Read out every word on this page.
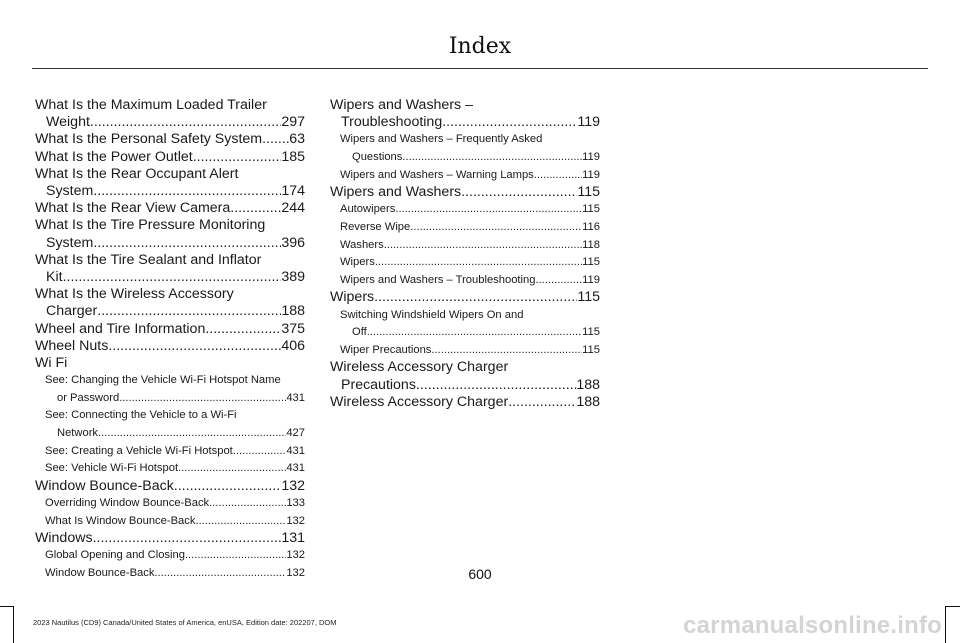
Index
What Is the Maximum Loaded Trailer
Weight .....	297
What Is the Personal Safety System ..... 63
What Is the Power Outlet .....	185
What Is the Rear Occupant Alert
System .....	174
What Is the Rear View Camera .....	244
What Is the Tire Pressure Monitoring
System .....	396
What Is the Tire Sealant and Inflator
Kit .....	389
What Is the Wireless Accessory
Charger .....	188
Wheel and Tire Information .....	375
Wheel Nuts .....	406
Wi Fi
See: Changing the Vehicle Wi-Fi Hotspot Name
or Password .....	431
See: Connecting the Vehicle to a Wi-Fi
Network .....	427
See: Creating a Vehicle Wi-Fi Hotspot .....	431
See: Vehicle Wi-Fi Hotspot .....	431
Window Bounce-Back .....	132
Overriding Window Bounce-Back .....	133
What Is Window Bounce-Back .....	132
Windows .....	131
Global Opening and Closing .....	132
Window Bounce-Back .....	132
Wipers and Washers –
Troubleshooting .....	119
Wipers and Washers – Frequently Asked
Questions .....	119
Wipers and Washers – Warning Lamps .....	119
Wipers and Washers .....	115
Autowipers .....	115
Reverse Wipe .....	116
Washers .....	118
Wipers .....	115
Wipers and Washers – Troubleshooting .....	119
Wipers .....	115
Switching Windshield Wipers On and
Off .....	115
Wiper Precautions .....	115
Wireless Accessory Charger
Precautions .....	188
Wireless Accessory Charger .....	188
600
2023 Nautilus (CD9) Canada/United States of America, enUSA, Edition date: 202207, DOM	carmanualsonline.info
